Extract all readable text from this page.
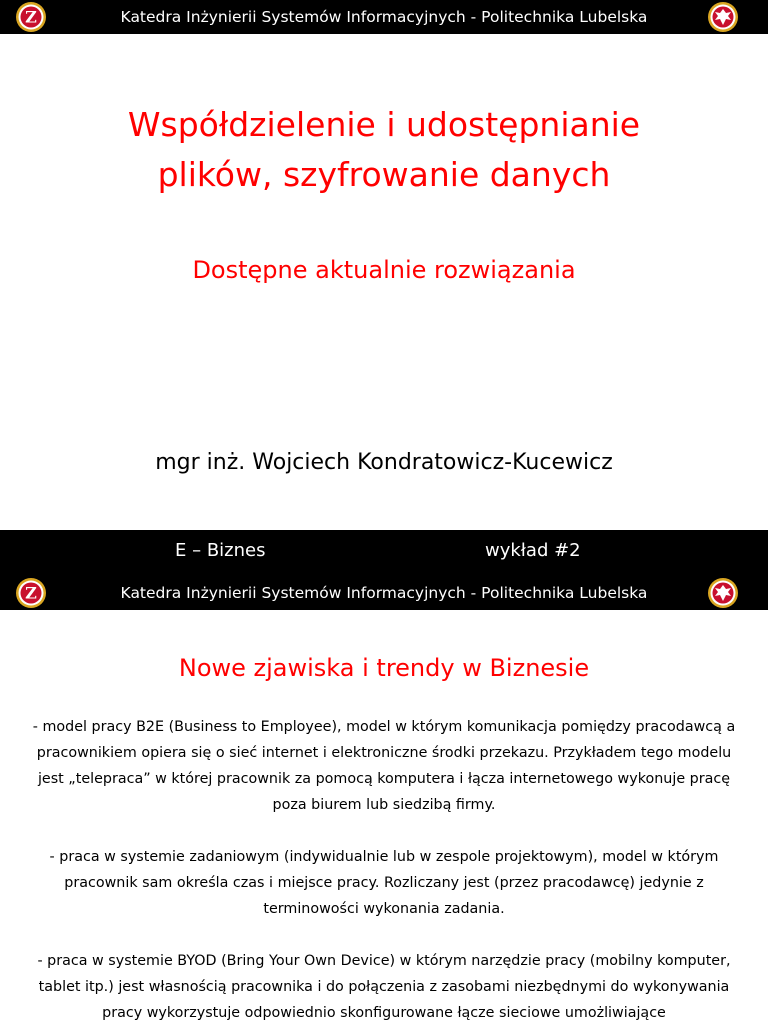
Z	Katedra Inżynierii Systemów Informacyjnych - Politechnika Lubelska
Współdzielenie i udostępnianie
plików, szyfrowanie danych
Dostępne aktualnie rozwiązania
mgr inż. Wojciech Kondratowicz-Kucewicz
E – Biznes	wykład #2
Z	Katedra Inżynierii Systemów Informacyjnych - Politechnika Lubelska
Nowe zjawiska i trendy w Biznesie

- model pracy B2E (Business to Employee), model w którym komunikacja pomiędzy pracodawcą a pracownikiem opiera się o sieć internet i elektroniczne środki przekazu. Przykładem tego modelu jest „telepraca” w której pracownik za pomocą komputera i łącza internetowego wykonuje pracę poza biurem lub siedzibą firmy.

- praca w systemie zadaniowym (indywidualnie lub w zespole projektowym), model w którym pracownik sam określa czas i miejsce pracy. Rozliczany jest (przez pracodawcę) jedynie z terminowości wykonania zadania.

- praca w systemie BYOD (Bring Your Own Device) w którym narzędzie pracy (mobilny komputer, tablet itp.) jest własnością pracownika i do połączenia z zasobami niezbędnymi do wykonywania pracy wykorzystuje odpowiednio skonfigurowane łącze sieciowe umożliwiające
